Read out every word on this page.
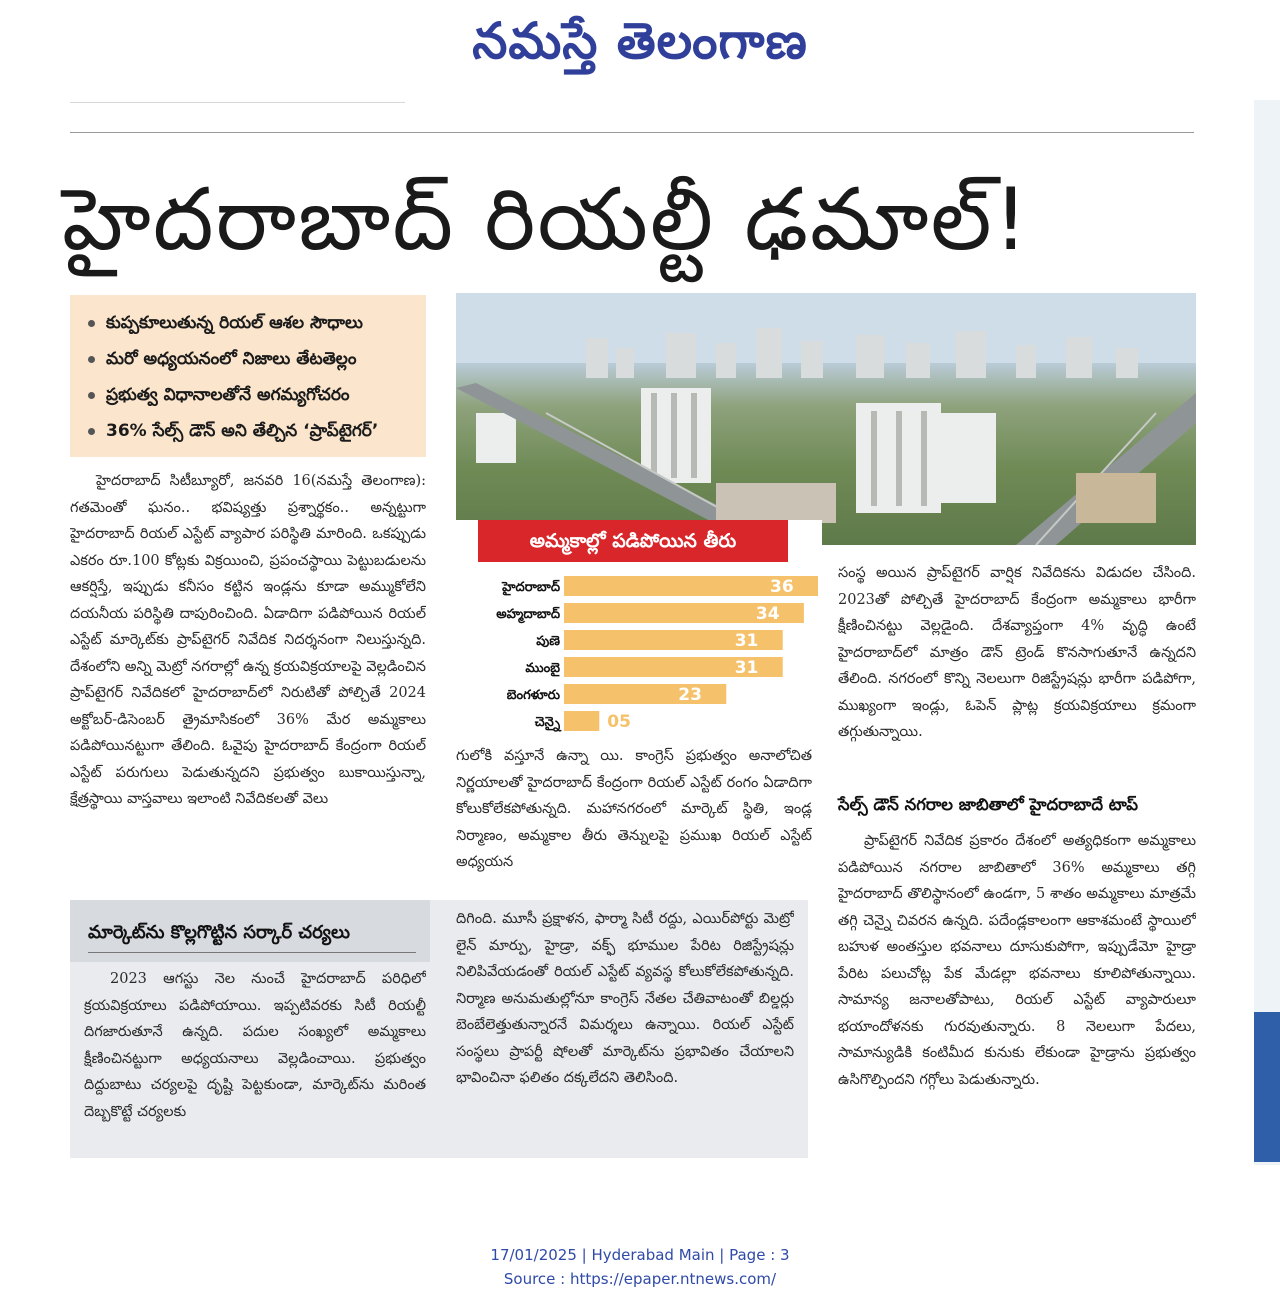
నమస్తే తెలంగాణ
హైదరాబాద్ రియల్టీ ఢమాల్!
కుప్పకూలుతున్న రియల్ ఆశల సౌధాలు
మరో అధ్యయనంలో నిజాలు తేటతెల్లం
ప్రభుత్వ విధానాలతోనే అగమ్యగోచరం
36% సేల్స్ డౌన్ అని తేల్చిన ‘ప్రాప్‌టైగర్’

హైదరాబాద్ సిటీబ్యూరో, జనవరి 16(నమస్తే తెలంగాణ): గతమెంతో ఘనం.. భవిష్యత్తు ప్రశ్నార్థకం.. అన్నట్టుగా హైదరాబాద్ రియల్ ఎస్టేట్ వ్యాపార పరిస్థితి మారింది. ఒకప్పుడు ఎకరం రూ.100 కోట్లకు విక్రయించి, ప్రపంచస్థాయి పెట్టుబడులను ఆకర్షిస్తే, ఇప్పుడు కనీసం కట్టిన ఇండ్లను కూడా అమ్ముకోలేని దయనీయ పరిస్థితి దాపురించింది. ఏడాదిగా పడిపోయిన రియల్ ఎస్టేట్ మార్కెట్‌కు ప్రాప్‌టైగర్ నివేదిక నిదర్శనంగా నిలుస్తున్నది. దేశంలోని అన్ని మెట్రో నగరాల్లో ఉన్న క్రయవిక్రయాలపై వెల్లడించిన ప్రాప్‌టైగర్ నివేదికలో హైదరాబాద్‌లో నిరుటితో పోల్చితే 2024 అక్టోబర్-డిసెంబర్ త్రైమాసికంలో 36% మేర అమ్మకాలు పడిపోయినట్టుగా తేలింది. ఓవైపు హైదరాబాద్ కేంద్రంగా రియల్ ఎస్టేట్ పరుగులు పెడుతున్నదని ప్రభుత్వం బుకాయిస్తున్నా, క్షేత్రస్థాయి వాస్తవాలు ఇలాంటి నివేదికలతో వెలు

అమ్మకాల్లో పడిపోయిన తీరు
హైదరాబాద్	36
అహ్మదాబాద్	34
పుణె	31
ముంబై	31
బెంగళూరు	23
చెన్నై	05

గులోకి వస్తూనే ఉన్నా యి. కాంగ్రెస్ ప్రభుత్వం అనాలోచిత నిర్ణయాలతో హైదరాబాద్ కేంద్రంగా రియల్ ఎస్టేట్ రంగం ఏడాదిగా కోలుకోలేకపోతున్నది. మహానగరంలో మార్కెట్ స్థితి, ఇండ్ల నిర్మాణం, అమ్మకాల తీరు తెన్నులపై ప్రముఖ రియల్ ఎస్టేట్ అధ్యయన

సంస్థ అయిన ప్రాప్‌టైగర్ వార్షిక నివేదికను విడుదల చేసింది. 2023తో పోల్చితే హైదరాబాద్ కేంద్రంగా అమ్మకాలు భారీగా క్షీణించినట్టు వెల్లడైంది. దేశవ్యాప్తంగా 4% వృద్ధి ఉంటే హైదరాబాద్‌లో మాత్రం డౌన్ ట్రెండ్ కొనసాగుతూనే ఉన్నదని తేలింది. నగరంలో కొన్ని నెలలుగా రిజిస్ట్రేషన్లు భారీగా పడిపోగా, ముఖ్యంగా ఇండ్లు, ఓపెన్ ప్లాట్ల క్రయవిక్రయాలు క్రమంగా తగ్గుతున్నాయి.

సేల్స్ డౌన్ నగరాల జాబితాలో హైదరాబాదే టాప్

ప్రాప్‌టైగర్ నివేదిక ప్రకారం దేశంలో అత్యధికంగా అమ్మకాలు పడిపోయిన నగరాల జాబితాలో 36% అమ్మకాలు తగ్గి హైదరాబాద్ తొలిస్థానంలో ఉండగా, 5 శాతం అమ్మకాలు మాత్రమే తగ్గి చెన్నై చివరన ఉన్నది. పదేండ్లకాలంగా ఆకాశమంటే స్థాయిలో బహుళ అంతస్తుల భవనాలు దూసుకుపోగా, ఇప్పుడేమో హైడ్రా పేరిట పలుచోట్ల పేక మేడల్లా భవనాలు కూలిపోతున్నాయి. సామాన్య జనాలతోపాటు, రియల్ ఎస్టేట్ వ్యాపారులూ భయాందోళనకు గురవుతున్నారు. 8 నెలలుగా పేదలు, సామాన్యుడికి కంటిమీద కునుకు లేకుండా హైడ్రాను ప్రభుత్వం ఉసిగొల్పిందని గగ్గోలు పెడుతున్నారు.

మార్కెట్‌ను కొల్లగొట్టిన సర్కార్ చర్యలు

2023 ఆగస్టు నెల నుంచే హైదరాబాద్ పరిధిలో క్రయవిక్రయాలు పడిపోయాయి. ఇప్పటివరకు సిటీ రియల్టీ దిగజారుతూనే ఉన్నది. పదుల సంఖ్యలో అమ్మకాలు క్షీణించినట్టుగా అధ్యయనాలు వెల్లడించాయి. ప్రభుత్వం దిద్దుబాటు చర్యలపై దృష్టి పెట్టకుండా, మార్కెట్‌ను మరింత దెబ్బకొట్టే చర్యలకు

దిగింది. మూసీ ప్రక్షాళన, ఫార్మా సిటీ రద్దు, ఎయిర్‌పోర్టు మెట్రో లైన్ మార్పు, హైడ్రా, వక్ఫ్ భూముల పేరిట రిజిస్ట్రేషన్లు నిలిపివేయడంతో రియల్ ఎస్టేట్ వ్యవస్థ కోలుకోలేకపోతున్నది. నిర్మాణ అనుమతుల్లోనూ కాంగ్రెస్ నేతల చేతివాటంతో బిల్డర్లు బెంబేలెత్తుతున్నారనే విమర్శలు ఉన్నాయి. రియల్ ఎస్టేట్ సంస్థలు ప్రాపర్టీ షోలతో మార్కెట్‌ను ప్రభావితం చేయాలని భావించినా ఫలితం దక్కలేదని తెలిసింది.

17/01/2025 | Hyderabad Main | Page : 3
Source : https://epaper.ntnews.com/
